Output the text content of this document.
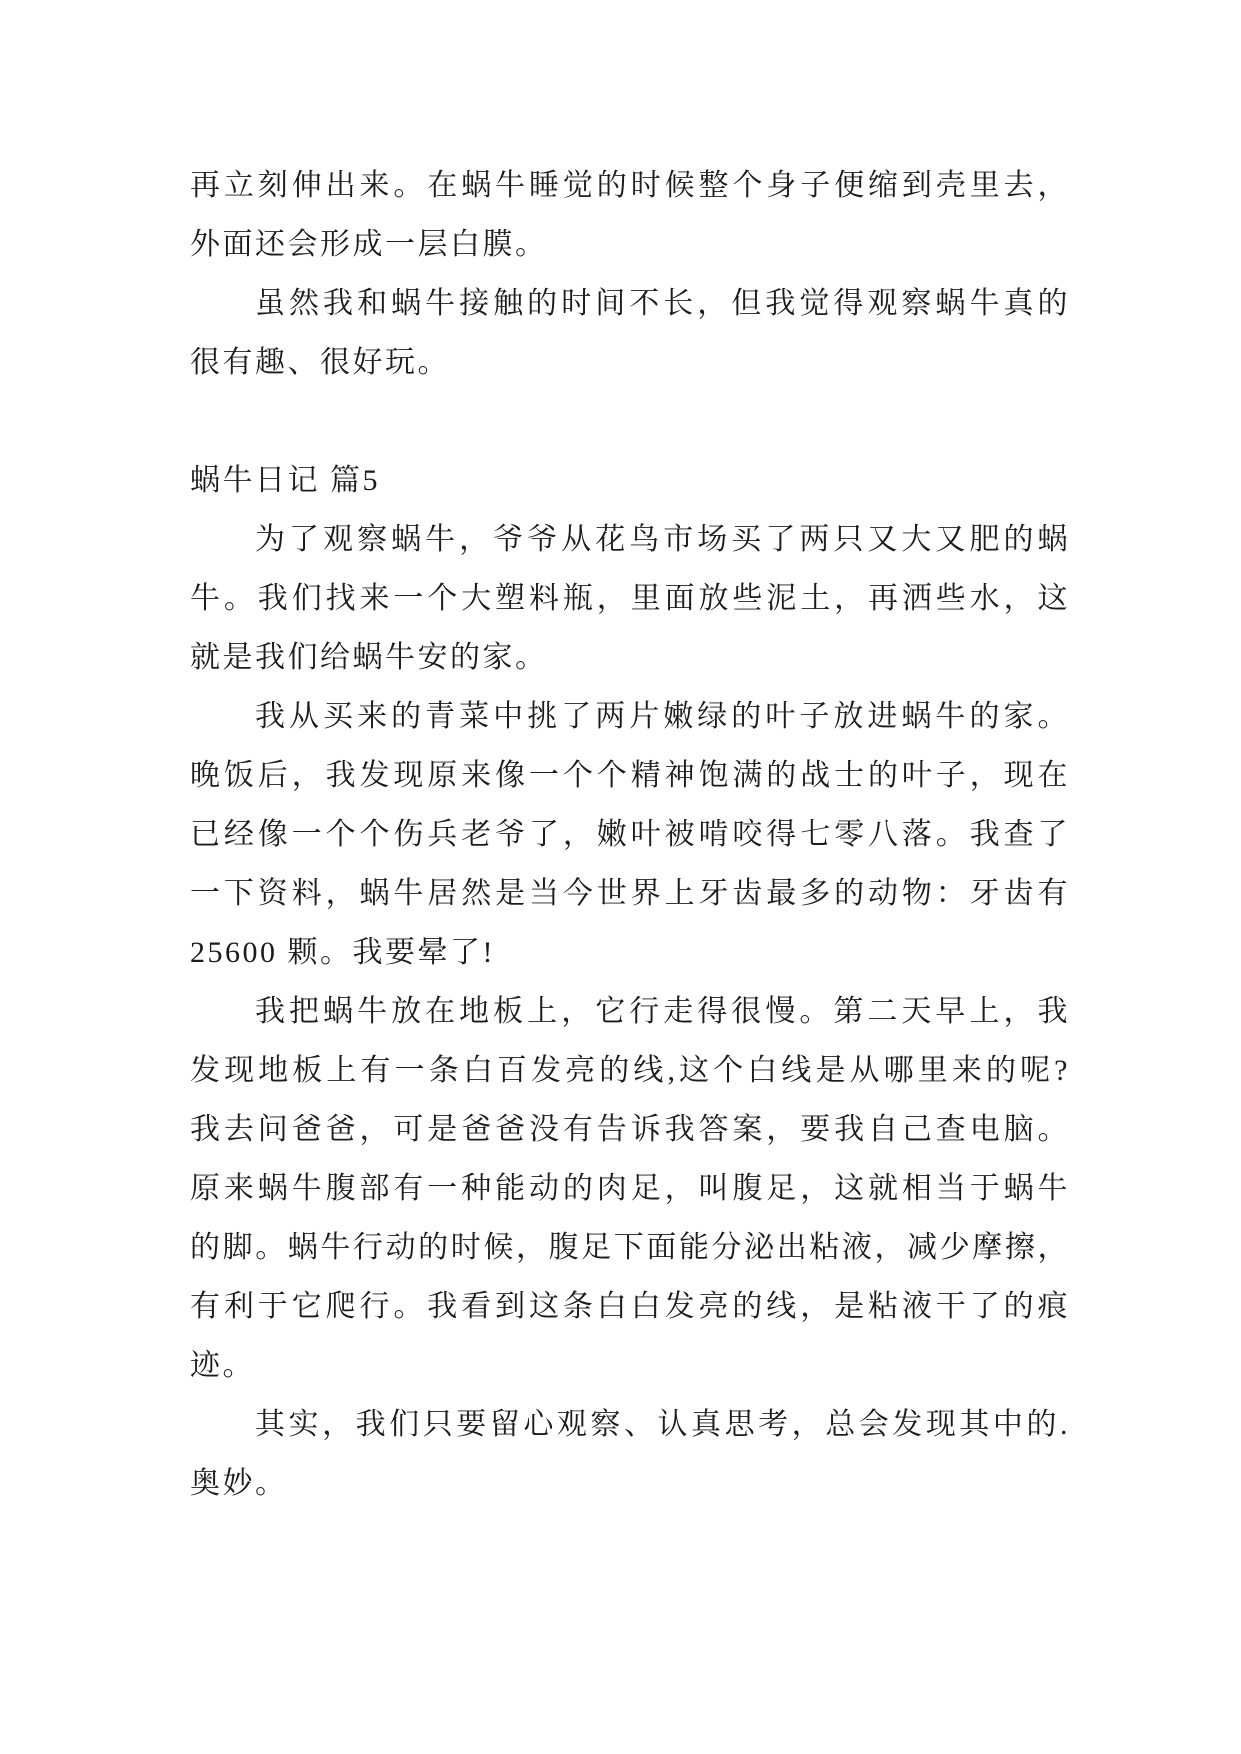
再立刻伸出来。在蜗牛睡觉的时候整个身子便缩到壳里去，
外面还会形成一层白膜。
虽然我和蜗牛接触的时间不长，但我觉得观察蜗牛真的
很有趣、很好玩。
蜗牛日记 篇5
为了观察蜗牛，爷爷从花鸟市场买了两只又大又肥的蜗
牛。我们找来一个大塑料瓶，里面放些泥土，再洒些水，这
就是我们给蜗牛安的家。
我从买来的青菜中挑了两片嫩绿的叶子放进蜗牛的家。
晚饭后，我发现原来像一个个精神饱满的战士的叶子，现在
已经像一个个伤兵老爷了，嫩叶被啃咬得七零八落。我查了
一下资料，蜗牛居然是当今世界上牙齿最多的动物：牙齿有
25600 颗。我要晕了!
我把蜗牛放在地板上，它行走得很慢。第二天早上，我
发现地板上有一条白百发亮的线,这个白线是从哪里来的呢?
我去问爸爸，可是爸爸没有告诉我答案，要我自己查电脑。
原来蜗牛腹部有一种能动的肉足，叫腹足，这就相当于蜗牛
的脚。蜗牛行动的时候，腹足下面能分泌出粘液，减少摩擦，
有利于它爬行。我看到这条白白发亮的线，是粘液干了的痕
迹。
其实，我们只要留心观察、认真思考，总会发现其中的.
奥妙。
